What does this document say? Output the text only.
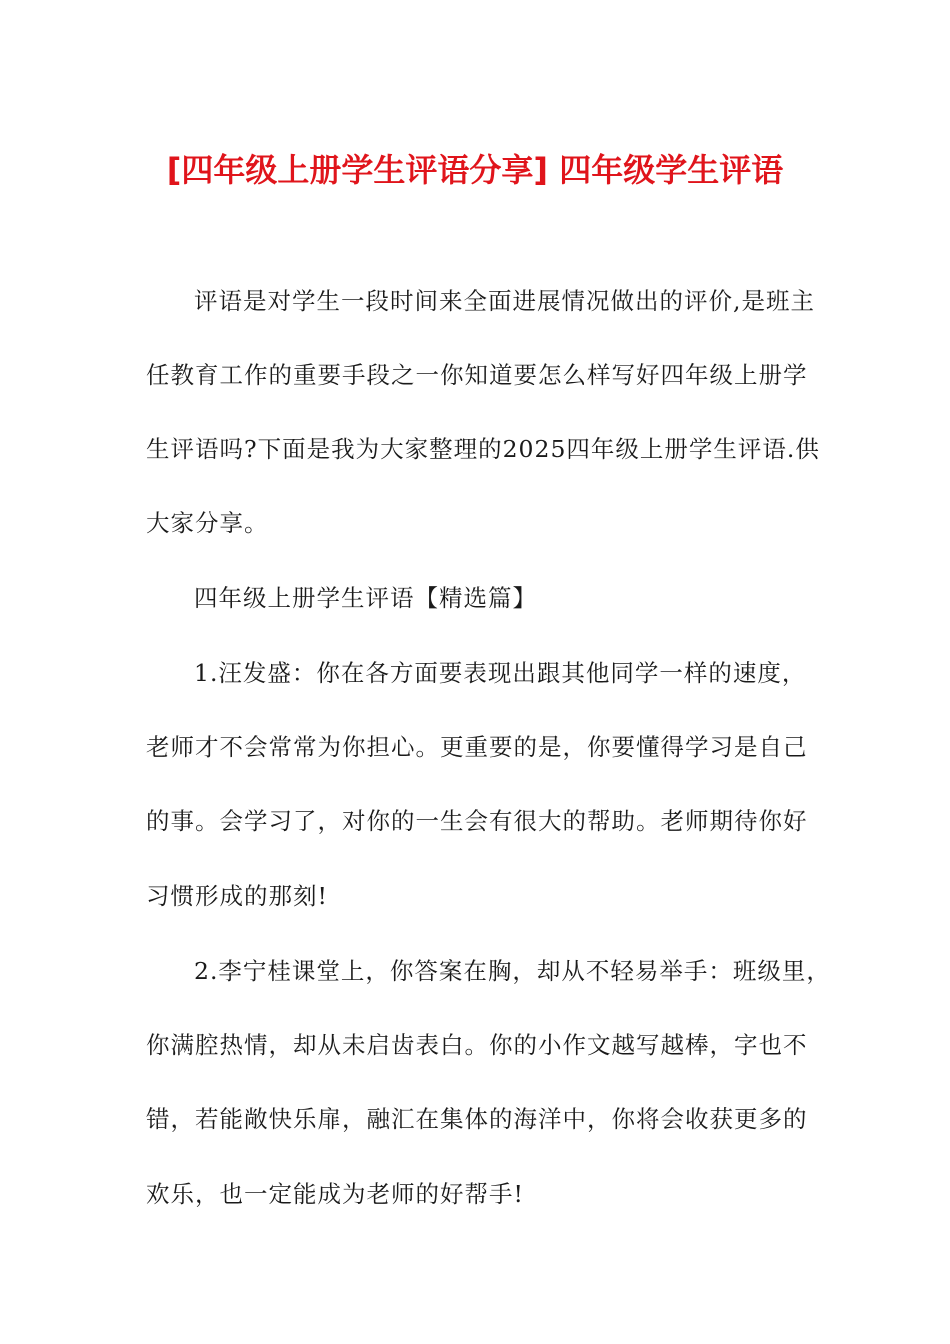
[四年级上册学生评语分享] 四年级学生评语
评语是对学生一段时间来全面进展情况做出的评价,是班主
任教育工作的重要手段之一你知道要怎么样写好四年级上册学
生评语吗?下面是我为大家整理的2025四年级上册学生评语.供
大家分享。
四年级上册学生评语【精选篇】
1.汪发盛：你在各方面要表现出跟其他同学一样的速度，
老师才不会常常为你担心。更重要的是，你要懂得学习是自己
的事。会学习了，对你的一生会有很大的帮助。老师期待你好
习惯形成的那刻!
2.李宁桂课堂上，你答案在胸，却从不轻易举手：班级里，
你满腔热情，却从未启齿表白。你的小作文越写越棒，字也不
错，若能敞快乐扉，融汇在集体的海洋中，你将会收获更多的
欢乐，也一定能成为老师的好帮手!
